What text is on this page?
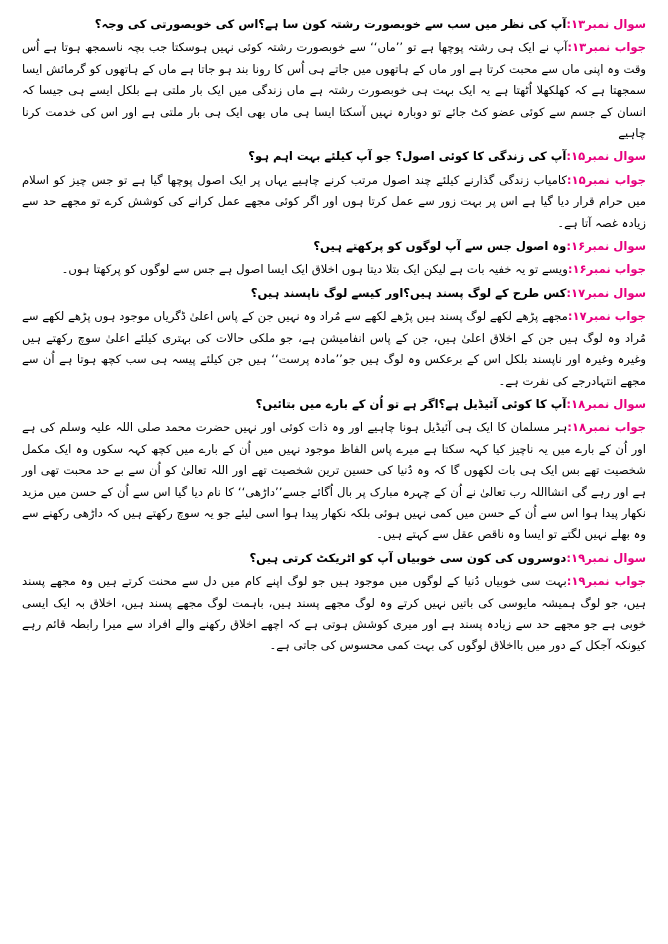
سوال نمبر۱۳:آپ کی نظر میں سب سے خوبصورت رشتہ کون سا ہے؟اس کی خوبصورتی کی وجہ؟
جواب نمبر۱۳:آپ نے ایک ہی رشتہ پوچھا ہے تو ’’ماں‘‘ سے خوبصورت رشتہ کوئی نہیں ہوسکتا جب بچہ ناسمجھ ہوتا ہے اُس وقت وہ اپنی ماں سے محبت کرتا ہے اور ماں کے ہاتھوں میں جاتے ہی اُس کا رونا بند ہو جاتا ہے ماں کے ہاتھوں کو گرمائش ایسا سمجھتا ہے کہ کھلکھلا اُٹھتا ہے یہ ایک بہت ہی خوبصورت رشتہ ہے ماں زندگی میں ایک بار ملتی ہے بلکل ایسے ہی جیسا کہ انسان کے جسم سے کوئی عضو کٹ جائے تو دوبارہ نہیں آسکتا ایسا ہی ماں بھی ایک ہی بار ملتی ہے اور اس کی خدمت کرنا چاہیے
سوال نمبر۱۵:آپ کی زندگی کا کوئی اصول؟ جو آپ کیلئے بہت اہم ہو؟
جواب نمبر۱۵:کامیاب زندگی گذارنے کیلئے چند اصول مرتب کرنے چاہیے یہاں پر ایک اصول پوچھا گیا ہے تو جس چیز کو اسلام میں حرام قرار دیا گیا ہے اس پر بہت زور سے عمل کرتا ہوں اور اگر کوئی مجھے عمل کرانے کی کوشش کرے تو مجھے حد سے زیادہ غصہ آتا ہے۔
سوال نمبر۱۶:وہ اصول جس سے آپ لوگوں کو پرکھتے ہیں؟
جواب نمبر۱۶:ویسے تو یہ خفیہ بات ہے لیکن ایک بتلا دیتا ہوں اخلاق ایک ایسا اصول ہے جس سے لوگوں کو پرکھتا ہوں۔
سوال نمبر۱۷:کس طرح کے لوگ پسند ہیں؟اور کیسے لوگ ناپسند ہیں؟
جواب نمبر۱۷:مجھے پڑھے لکھے لوگ پسند ہیں پڑھے لکھے سے مُراد وہ نہیں جن کے پاس اعلیٰ ڈگریاں موجود ہوں پڑھے لکھے سے مُراد وہ لوگ ہیں جن کے اخلاق اعلیٰ ہیں، جن کے پاس انفامیشن ہے، جو ملکی حالات کی بہتری کیلئے اعلیٰ سوچ رکھتے ہیں وغیرہ وغیرہ اور ناپسند بلکل اس کے برعکس وہ لوگ ہیں جو’’مادہ پرست‘‘ ہیں جن کیلئے پیسہ ہی سب کچھ ہوتا ہے اُن سے مجھے انتہادرجے کی نفرت ہے۔
سوال نمبر۱۸:آپ کا کوئی آئیڈیل ہے؟اگر ہے تو اُن کے بارے میں بتائیں؟
جواب نمبر۱۸:ہر مسلمان کا ایک ہی آئیڈیل ہونا چاہیے اور وہ ذات کوئی اور نہیں حضرت محمد صلی اللہ علیہ وسلم کی ہے اور اُن کے بارے میں یہ ناچیز کیا کہہ سکتا ہے میرے پاس الفاظ موجود نہیں میں اُن کے بارے میں کچھ کہہ سکوں وہ ایک مکمل شخصیت تھے بس ایک ہی بات لکھوں گا کہ وہ دُنیا کی حسین ترین شخصیت تھے اور اللہ تعالیٰ کو اُن سے بے حد محبت تھی اور ہے اور رہے گی انشااللہ رب تعالیٰ نے اُن کے چہرہ مبارک پر بال اُگائے جسے’’داڑھی‘‘ کا نام دیا گیا اس سے اُن کے حسن میں مزید نکھار پیدا ہوا اس سے اُن کے حسن میں کمی نہیں ہوئی بلکہ نکھار پیدا ہوا اسی لیئے جو یہ سوچ رکھتے ہیں کہ داڑھی رکھنے سے وہ بھلے نہیں لگتے تو ایسا وہ ناقص عقل سے کہتے ہیں۔
سوال نمبر۱۹:دوسروں کی کون سی خوبیاں آپ کو اٹریکٹ کرتی ہیں؟
جواب نمبر۱۹:بہت سی خوبیاں دُنیا کے لوگوں میں موجود ہیں جو لوگ اپنے کام میں دل سے محنت کرتے ہیں وہ مجھے پسند ہیں، جو لوگ ہمیشہ مایوسی کی باتیں نہیں کرتے وہ لوگ مجھے پسند ہیں، باہمت لوگ مجھے پسند ہیں، اخلاق بہ ایک ایسی خوبی ہے جو مجھے حد سے زیادہ پسند ہے اور میری کوشش ہوتی ہے کہ اچھے اخلاق رکھنے والے افراد سے میرا رابطہ قائم رہے کیونکہ آجکل کے دور میں بااخلاق لوگوں کی بہت کمی محسوس کی جاتی ہے۔
